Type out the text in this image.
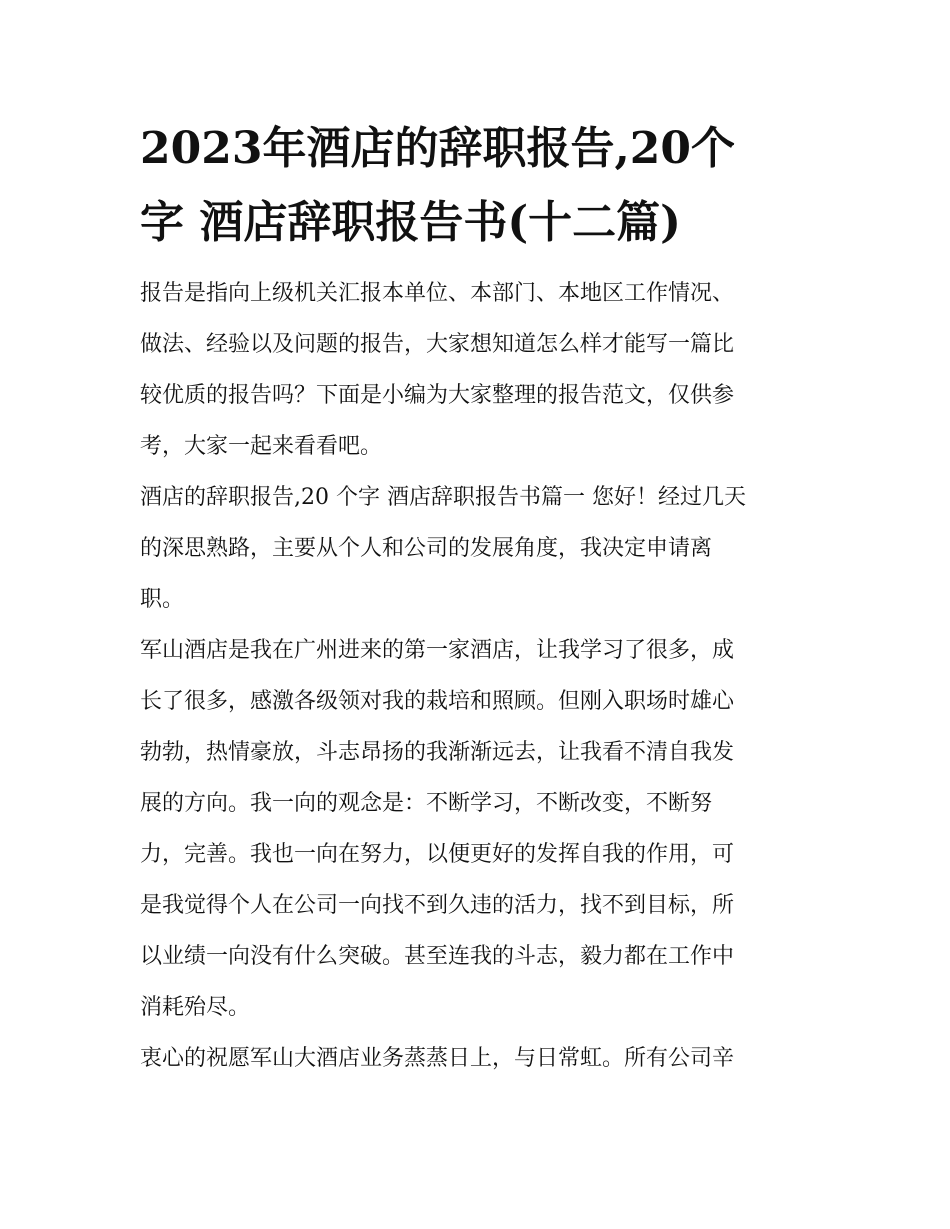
2023年酒店的辞职报告,20个
字 酒店辞职报告书(十二篇)

报告是指向上级机关汇报本单位、本部门、本地区工作情况、
做法、经验以及问题的报告，大家想知道怎么样才能写一篇比
较优质的报告吗？下面是小编为大家整理的报告范文，仅供参
考，大家一起来看看吧。

酒店的辞职报告,20 个字 酒店辞职报告书篇一 您好！经过几天
的深思熟路，主要从个人和公司的发展角度，我决定申请离
职。

军山酒店是我在广州进来的第一家酒店，让我学习了很多，成
长了很多，感激各级领对我的栽培和照顾。但刚入职场时雄心
勃勃，热情豪放，斗志昂扬的我渐渐远去，让我看不清自我发
展的方向。我一向的观念是：不断学习，不断改变，不断努
力，完善。我也一向在努力，以便更好的发挥自我的作用，可
是我觉得个人在公司一向找不到久违的活力，找不到目标，所
以业绩一向没有什么突破。甚至连我的斗志，毅力都在工作中
消耗殆尽。

衷心的祝愿军山大酒店业务蒸蒸日上，与日常虹。所有公司辛
